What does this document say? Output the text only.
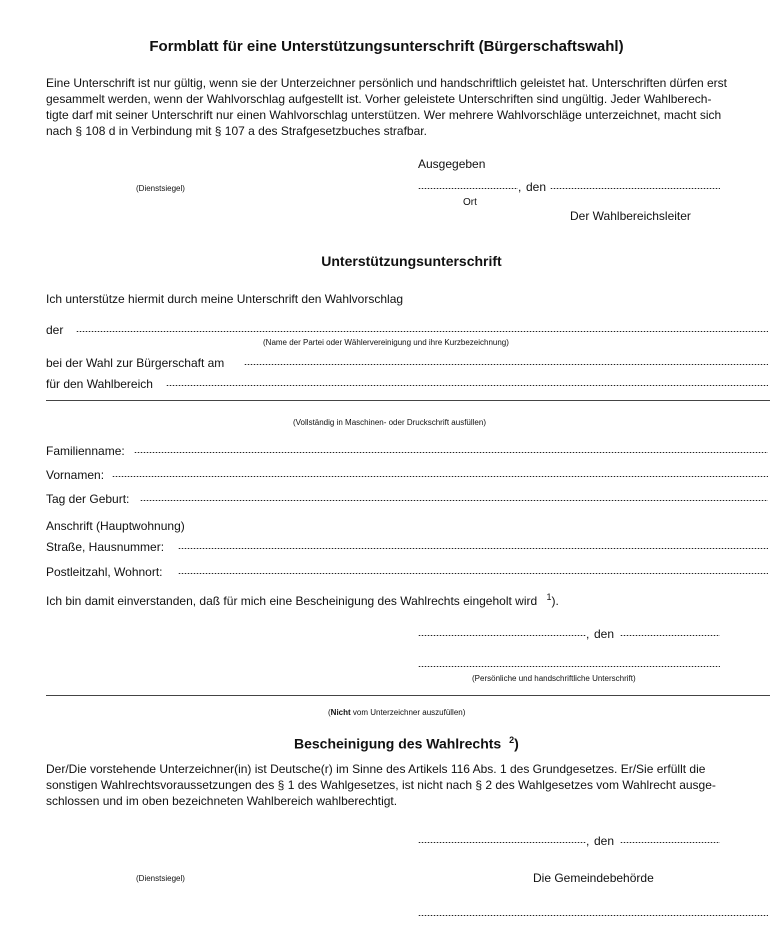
Formblatt für eine Unterstützungsunterschrift (Bürgerschaftswahl)
Eine Unterschrift ist nur gültig, wenn sie der Unterzeichner persönlich und handschriftlich geleistet hat. Unterschriften dürfen erst
gesammelt werden, wenn der Wahlvorschlag aufgestellt ist. Vorher geleistete Unterschriften sind ungültig. Jeder Wahlberech-
tigte darf mit seiner Unterschrift nur einen Wahlvorschlag unterstützen. Wer mehrere Wahlvorschläge unterzeichnet, macht sich
nach § 108 d in Verbindung mit § 107 a des Strafgesetzbuches strafbar.
Ausgegeben
(Dienstsiegel)	, den
Ort
Der Wahlbereichsleiter
Unterstützungsunterschrift
Ich unterstütze hiermit durch meine Unterschrift den Wahlvorschlag
der
(Name der Partei oder Wählervereinigung und ihre Kurzbezeichnung)
bei der Wahl zur Bürgerschaft am
für den Wahlbereich
(Vollständig in Maschinen- oder Druckschrift ausfüllen)
Familienname:
Vornamen:
Tag der Geburt:
Anschrift (Hauptwohnung)
Straße, Hausnummer:
Postleitzahl, Wohnort:
Ich bin damit einverstanden, daß für mich eine Bescheinigung des Wahlrechts eingeholt wird $^1$).
, den
(Persönliche und handschriftliche Unterschrift)
(Nicht vom Unterzeichner auszufüllen)
Bescheinigung des Wahlrechts $^2$)
Der/Die vorstehende Unterzeichner(in) ist Deutsche(r) im Sinne des Artikels 116 Abs. 1 des Grundgesetzes. Er/Sie erfüllt die
sonstigen Wahlrechtsvoraussetzungen des § 1 des Wahlgesetzes, ist nicht nach § 2 des Wahlgesetzes vom Wahlrecht ausge-
schlossen und im oben bezeichneten Wahlbereich wahlberechtigt.
, den
(Dienstsiegel)	Die Gemeindebehörde
